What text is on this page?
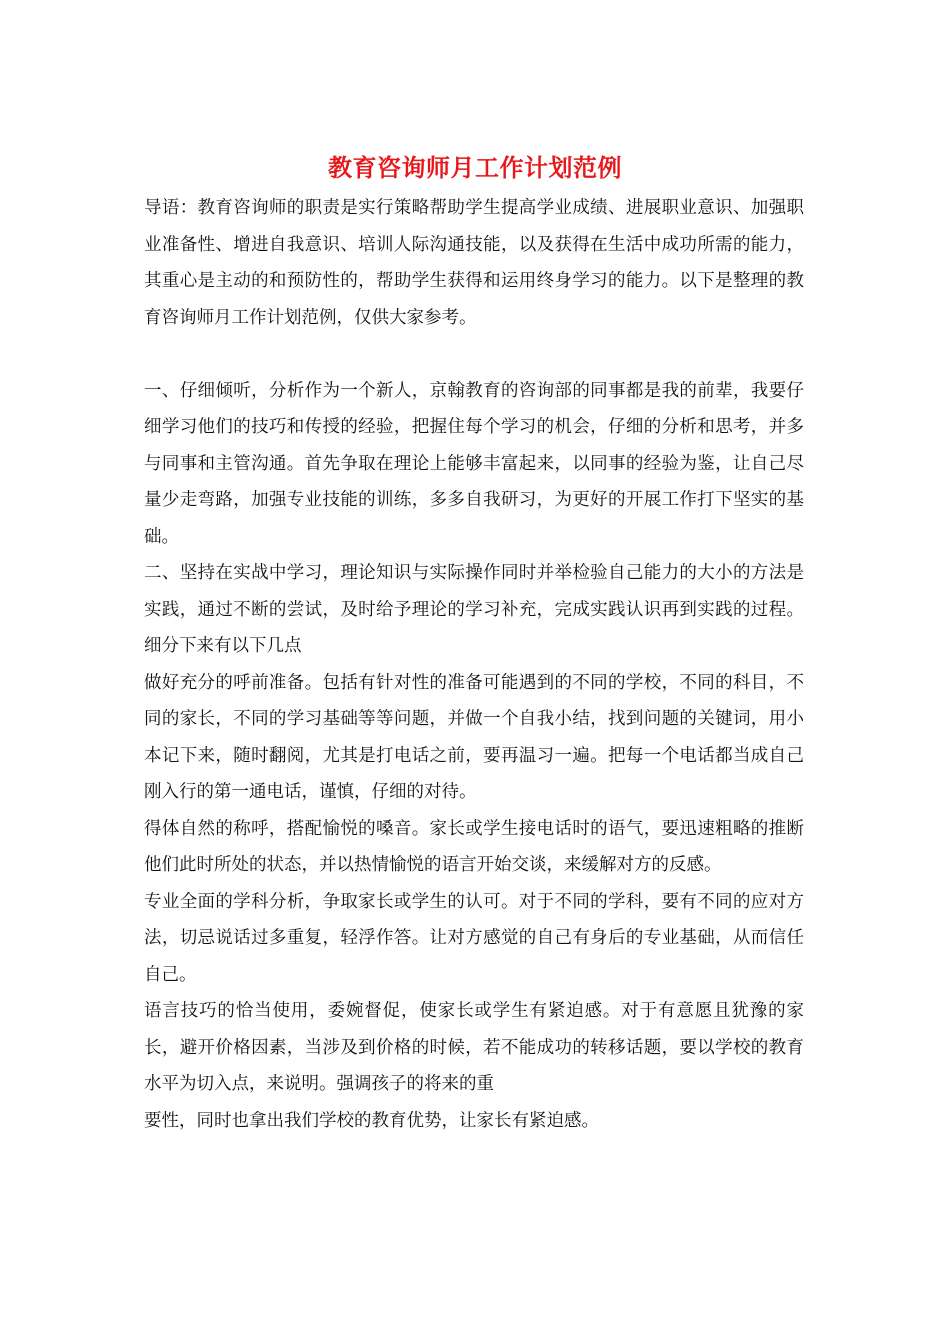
教育咨询师月工作计划范例

导语：教育咨询师的职责是实行策略帮助学生提高学业成绩、进展职业意识、加强职业准备性、增进自我意识、培训人际沟通技能，以及获得在生活中成功所需的能力，其重心是主动的和预防性的，帮助学生获得和运用终身学习的能力。以下是整理的教育咨询师月工作计划范例，仅供大家参考。

一、仔细倾听，分析作为一个新人，京翰教育的咨询部的同事都是我的前辈，我要仔细学习他们的技巧和传授的经验，把握住每个学习的机会，仔细的分析和思考，并多与同事和主管沟通。首先争取在理论上能够丰富起来，以同事的经验为鉴，让自己尽量少走弯路，加强专业技能的训练，多多自我研习，为更好的开展工作打下坚实的基础。

二、坚持在实战中学习，理论知识与实际操作同时并举检验自己能力的大小的方法是实践，通过不断的尝试，及时给予理论的学习补充，完成实践认识再到实践的过程。细分下来有以下几点

做好充分的呼前准备。包括有针对性的准备可能遇到的不同的学校，不同的科目，不同的家长，不同的学习基础等等问题，并做一个自我小结，找到问题的关键词，用小本记下来，随时翻阅，尤其是打电话之前，要再温习一遍。把每一个电话都当成自己刚入行的第一通电话，谨慎，仔细的对待。

得体自然的称呼，搭配愉悦的嗓音。家长或学生接电话时的语气，要迅速粗略的推断他们此时所处的状态，并以热情愉悦的语言开始交谈，来缓解对方的反感。

专业全面的学科分析，争取家长或学生的认可。对于不同的学科，要有不同的应对方法，切忌说话过多重复，轻浮作答。让对方感觉的自己有身后的专业基础，从而信任自己。

语言技巧的恰当使用，委婉督促，使家长或学生有紧迫感。对于有意愿且犹豫的家长，避开价格因素，当涉及到价格的时候，若不能成功的转移话题，要以学校的教育水平为切入点，来说明。强调孩子的将来的重

要性，同时也拿出我们学校的教育优势，让家长有紧迫感。
